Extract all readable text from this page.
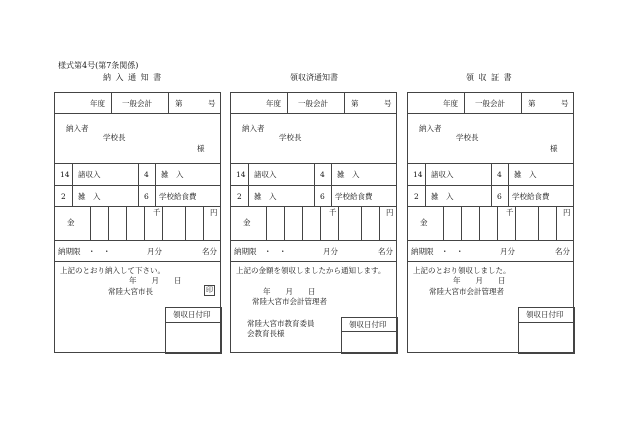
様式第4号(第7条関係)
納 入 通 知 書	領収済通知書	領 収 証 書
年度 一般会計	第	号
納入者
学校長
様
14 諸収入	4 雑　入
2 雑　入	6 学校給食費
金
千	円
納期限　・　・	月分	名分
上記のとおり納入して下さい。
年　　月　　日
常陸大宮市長	印
領収日付印
年度 一般会計	第	号
納入者
学校長
14 諸収入	4 雑　入
2 雑　入	6 学校給食費
金
千	円
納期限　・　・	月分	名分
上記の金額を領収しましたから通知します。
年　　月　　日
常陸大宮市会計管理者
常陸大宮市教育委員
会教育長様
領収日付印
年度 一般会計	第	号
納入者
学校長
様
14 諸収入	4 雑　入
2 雑　入	6 学校給食費
金
千	円
納期限　・　・	月分	名分
上記のとおり領収しました。
年　　月　　日
常陸大宮市会計管理者
領収日付印
